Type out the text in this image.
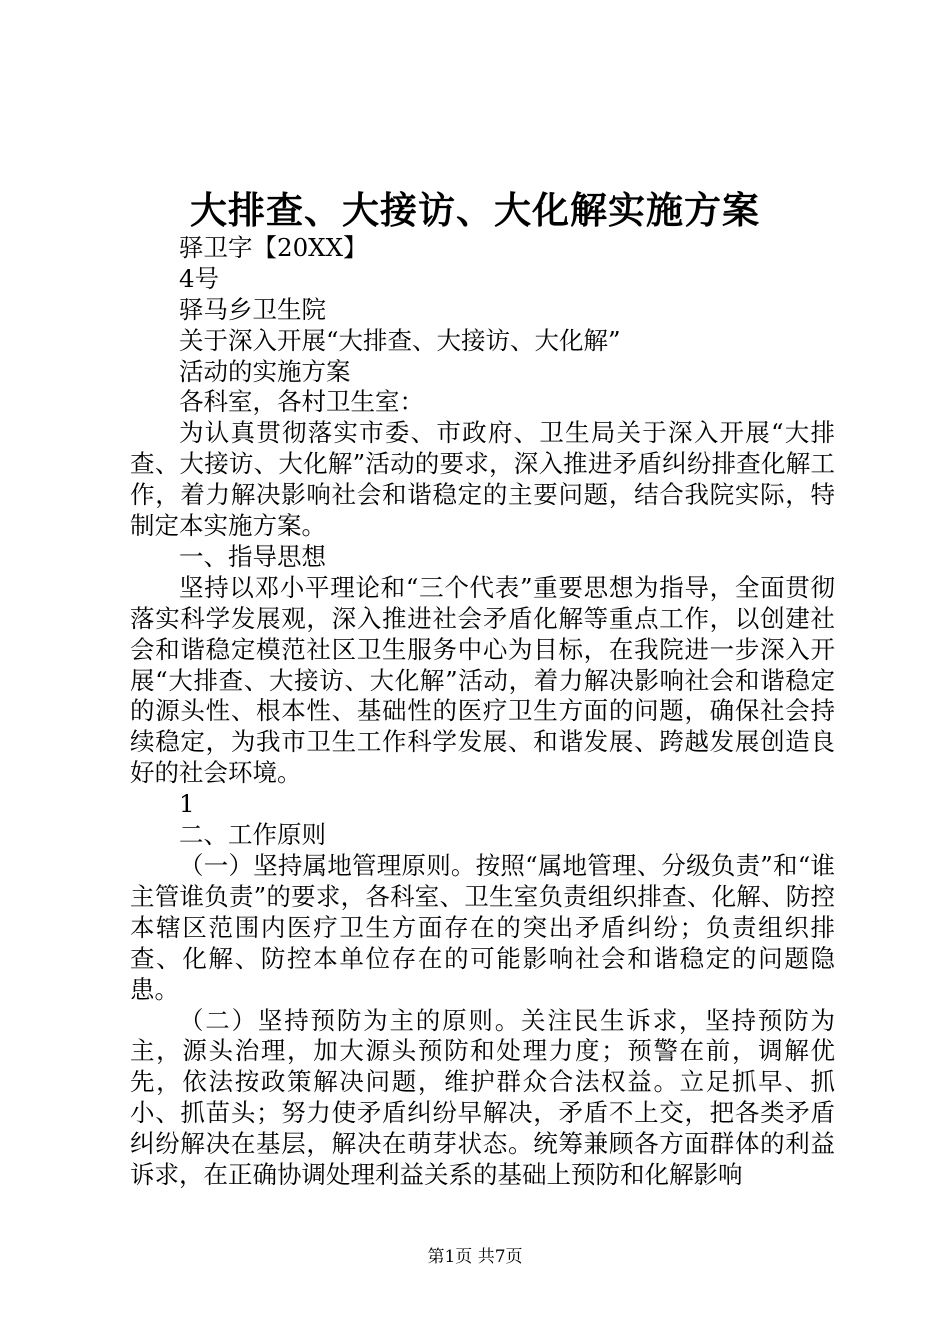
大排查、大接访、大化解实施方案
驿卫字【20XX】
4号
驿马乡卫生院
关于深入开展“大排查、大接访、大化解”
活动的实施方案
各科室，各村卫生室：

为认真贯彻落实市委、市政府、卫生局关于深入开展“大排查、大接访、大化解”活动的要求，深入推进矛盾纠纷排查化解工作，着力解决影响社会和谐稳定的主要问题，结合我院实际，特制定本实施方案。

一、指导思想

坚持以邓小平理论和“三个代表”重要思想为指导，全面贯彻落实科学发展观，深入推进社会矛盾化解等重点工作，以创建社会和谐稳定模范社区卫生服务中心为目标，在我院进一步深入开展“大排查、大接访、大化解”活动，着力解决影响社会和谐稳定的源头性、根本性、基础性的医疗卫生方面的问题，确保社会持续稳定，为我市卫生工作科学发展、和谐发展、跨越发展创造良好的社会环境。

1
二、工作原则

（一）坚持属地管理原则。按照“属地管理、分级负责”和“谁主管谁负责”的要求，各科室、卫生室负责组织排查、化解、防控本辖区范围内医疗卫生方面存在的突出矛盾纠纷；负责组织排查、化解、防控本单位存在的可能影响社会和谐稳定的问题隐患。

（二）坚持预防为主的原则。关注民生诉求，坚持预防为主，源头治理，加大源头预防和处理力度；预警在前，调解优先，依法按政策解决问题，维护群众合法权益。立足抓早、抓小、抓苗头；努力使矛盾纠纷早解决，矛盾不上交，把各类矛盾纠纷解决在基层，解决在萌芽状态。统筹兼顾各方面群体的利益诉求，在正确协调处理利益关系的基础上预防和化解影响

第1页 共7页
